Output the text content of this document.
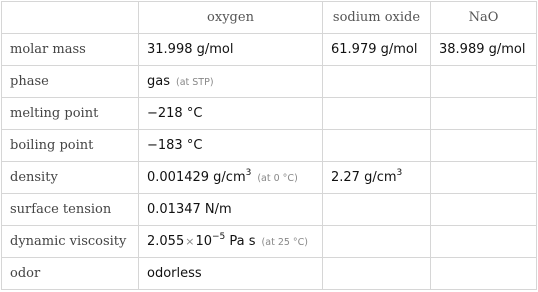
	oxygen	sodium oxide	NaO
molar mass	31.998 g/mol	61.979 g/mol	38.989 g/mol
phase	gas (at STP)		
melting point	−218 °C		
boiling point	−183 °C		
density	0.001429 $g/cm^3$ (at 0 °C)	2.27 $g/cm^3$	
surface tension	0.01347 N/m		
dynamic viscosity	$2.055\times 10^{-5}$ Pa s (at 25 °C)		
odor	odorless		
